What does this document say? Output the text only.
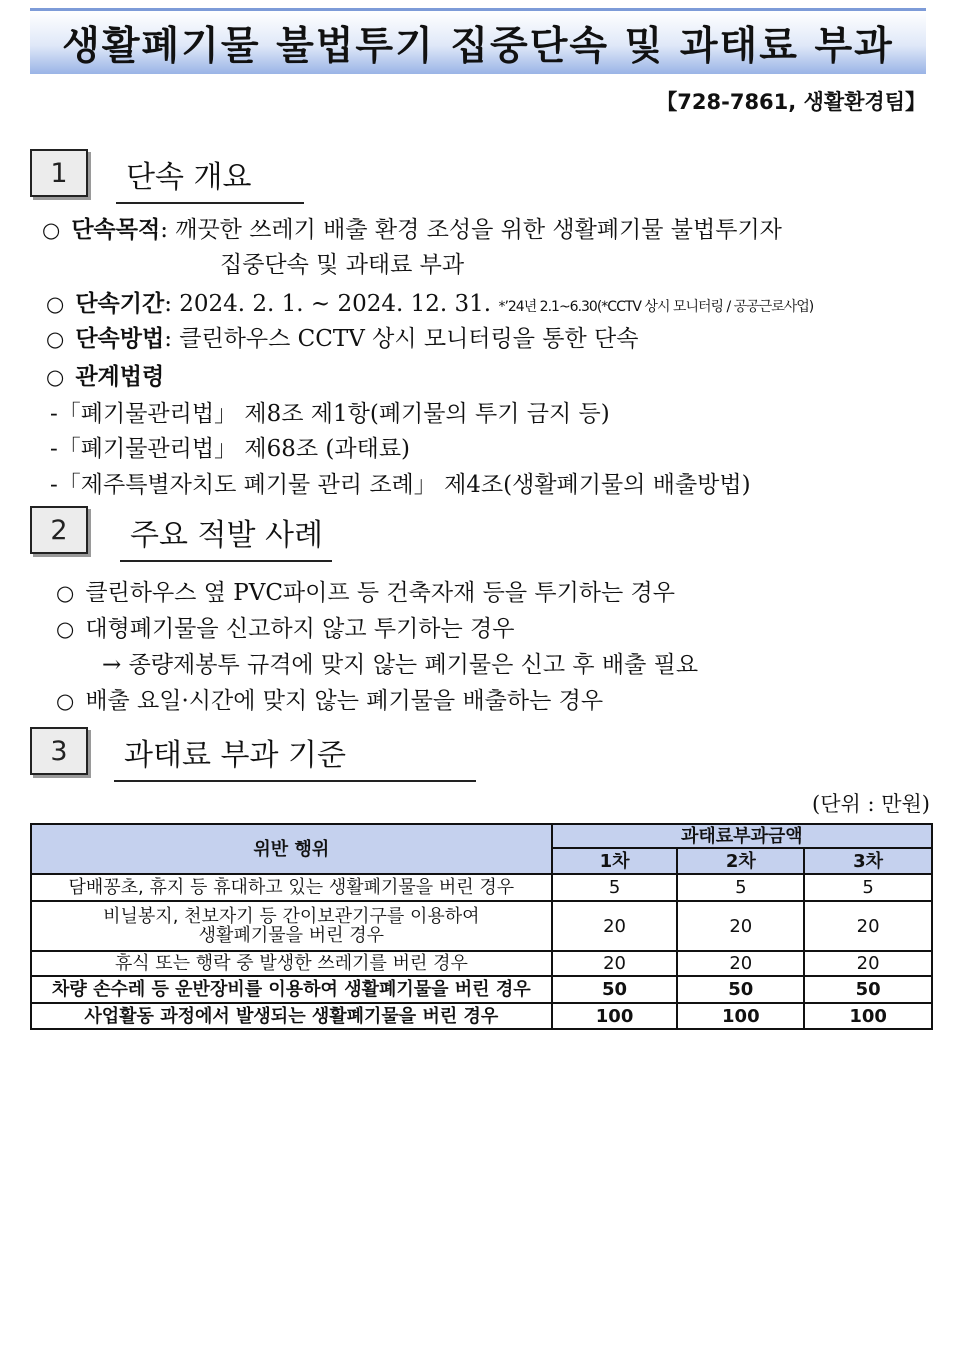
생활폐기물 불법투기 집중단속 및 과태료 부과
【728-7861, 생활환경팀】
1	단속 개요
○ 단속목적: 깨끗한 쓰레기 배출 환경 조성을 위한 생활폐기물 불법투기자
집중단속 및 과태료 부과
○ 단속기간: 2024. 2. 1. ~ 2024. 12. 31. *’24년 2.1~6.30(*CCTV 상시 모니터링 / 공공근로사업)
○ 단속방법: 클린하우스 CCTV 상시 모니터링을 통한 단속
○ 관계법령
-「폐기물관리법」 제8조 제1항(폐기물의 투기 금지 등)
-「폐기물관리법」 제68조 (과태료)
-「제주특별자치도 폐기물 관리 조례」 제4조(생활폐기물의 배출방법)
2	주요 적발 사례
○ 클린하우스 옆 PVC파이프 등 건축자재 등을 투기하는 경우
○ 대형폐기물을 신고하지 않고 투기하는 경우
→ 종량제봉투 규격에 맞지 않는 폐기물은 신고 후 배출 필요
○ 배출 요일·시간에 맞지 않는 폐기물을 배출하는 경우
3	과태료 부과 기준
(단위 : 만원)
위반 행위	과태료부과금액		
	1차	2차	3차
담배꽁초, 휴지 등 휴대하고 있는 생활폐기물을 버린 경우	5	5	5
비닐봉지, 천보자기 등 간이보관기구를 이용하여
생활폐기물을 버린 경우	20	20	20
휴식 또는 행락 중 발생한 쓰레기를 버린 경우	20	20	20
차량 손수레 등 운반장비를 이용하여 생활폐기물을 버린 경우	50	50	50
사업활동 과정에서 발생되는 생활폐기물을 버린 경우	100	100	100
